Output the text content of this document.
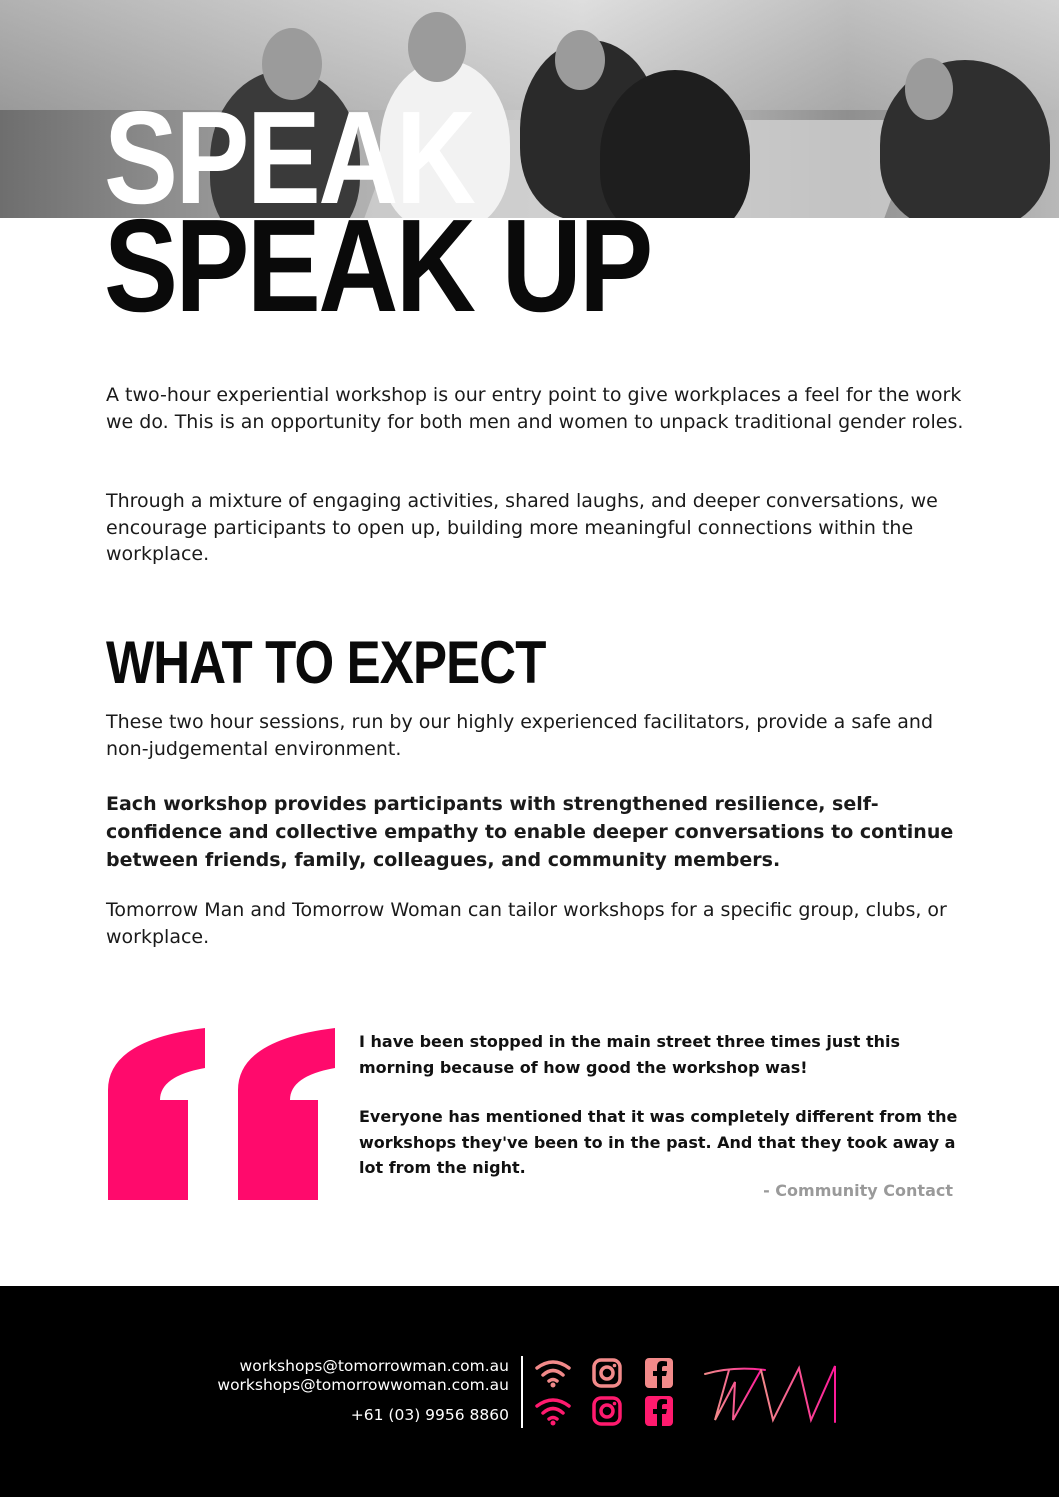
SPEAK
SPEAK UP

A two-hour experiential workshop is our entry point to give workplaces a feel for the work we do. This is an opportunity for both men and women to unpack traditional gender roles.

Through a mixture of engaging activities, shared laughs, and deeper conversations, we encourage participants to open up, building more meaningful connections within the workplace.

WHAT TO EXPECT

These two hour sessions, run by our highly experienced facilitators, provide a safe and non-judgemental environment.

Each workshop provides participants with strengthened resilience, self-confidence and collective empathy to enable deeper conversations to continue between friends, family, colleagues, and community members.

Tomorrow Man and Tomorrow Woman can tailor workshops for a specific group, clubs, or workplace.

I have been stopped in the main street three times just this morning because of how good the workshop was!

Everyone has mentioned that it was completely different from the workshops they've been to in the past. And that they took away a lot from the night.

- Community Contact

workshops@tomorrowman.com.au
workshops@tomorrowwoman.com.au
+61 (03) 9956 8860
